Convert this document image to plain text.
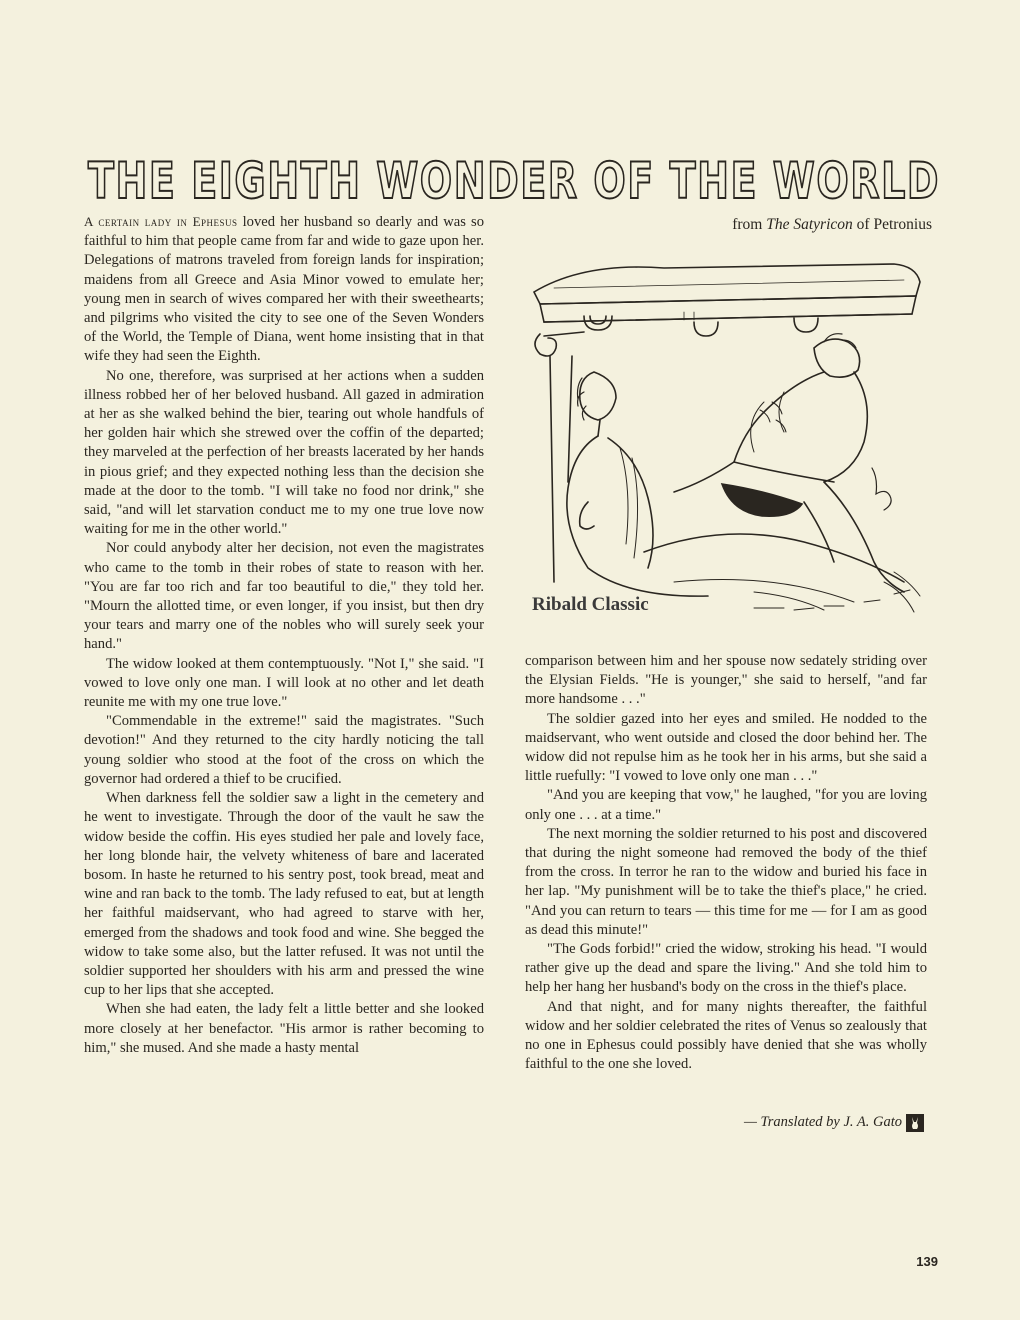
THE EIGHTH WONDER OF THE WORLD
from The Satyricon of Petronius

A certain lady in Ephesus loved her husband so dearly and was so faithful to him that people came from far and wide to gaze upon her. Delegations of matrons traveled from foreign lands for inspiration; maidens from all Greece and Asia Minor vowed to emulate her; young men in search of wives compared her with their sweethearts; and pilgrims who visited the city to see one of the Seven Wonders of the World, the Temple of Diana, went home insisting that in that wife they had seen the Eighth.

No one, therefore, was surprised at her actions when a sudden illness robbed her of her beloved husband. All gazed in admiration at her as she walked behind the bier, tearing out whole handfuls of her golden hair which she strewed over the coffin of the departed; they marveled at the perfection of her breasts lacerated by her hands in pious grief; and they expected nothing less than the decision she made at the door to the tomb. "I will take no food nor drink," she said, "and will let starvation conduct me to my one true love now waiting for me in the other world."

Nor could anybody alter her decision, not even the magistrates who came to the tomb in their robes of state to reason with her. "You are far too rich and far too beautiful to die," they told her. "Mourn the allotted time, or even longer, if you insist, but then dry your tears and marry one of the nobles who will surely seek your hand."

The widow looked at them contemptuously. "Not I," she said. "I vowed to love only one man. I will look at no other and let death reunite me with my one true love."

"Commendable in the extreme!" said the magistrates. "Such devotion!" And they returned to the city hardly noticing the tall young soldier who stood at the foot of the cross on which the governor had ordered a thief to be crucified.

When darkness fell the soldier saw a light in the cemetery and he went to investigate. Through the door of the vault he saw the widow beside the coffin. His eyes studied her pale and lovely face, her long blonde hair, the velvety whiteness of bare and lacerated bosom. In haste he returned to his sentry post, took bread, meat and wine and ran back to the tomb. The lady refused to eat, but at length her faithful maidservant, who had agreed to starve with her, emerged from the shadows and took food and wine. She begged the widow to take some also, but the latter refused. It was not until the soldier supported her shoulders with his arm and pressed the wine cup to her lips that she accepted.

When she had eaten, the lady felt a little better and she looked more closely at her benefactor. "His armor is rather becoming to him," she mused. And she made a hasty mental

Ribald Classic

comparison between him and her spouse now sedately striding over the Elysian Fields. "He is younger," she said to herself, "and far more handsome . . ."

The soldier gazed into her eyes and smiled. He nodded to the maidservant, who went outside and closed the door behind her. The widow did not repulse him as he took her in his arms, but she said a little ruefully: "I vowed to love only one man . . ."

"And you are keeping that vow," he laughed, "for you are loving only one . . . at a time."

The next morning the soldier returned to his post and discovered that during the night someone had removed the body of the thief from the cross. In terror he ran to the widow and buried his face in her lap. "My punishment will be to take the thief's place," he cried. "And you can return to tears — this time for me — for I am as good as dead this minute!"

"The Gods forbid!" cried the widow, stroking his head. "I would rather give up the dead and spare the living." And she told him to help her hang her husband's body on the cross in the thief's place.

And that night, and for many nights thereafter, the faithful widow and her soldier celebrated the rites of Venus so zealously that no one in Ephesus could possibly have denied that she was wholly faithful to the one she loved.

— Translated by J. A. Gato
139
